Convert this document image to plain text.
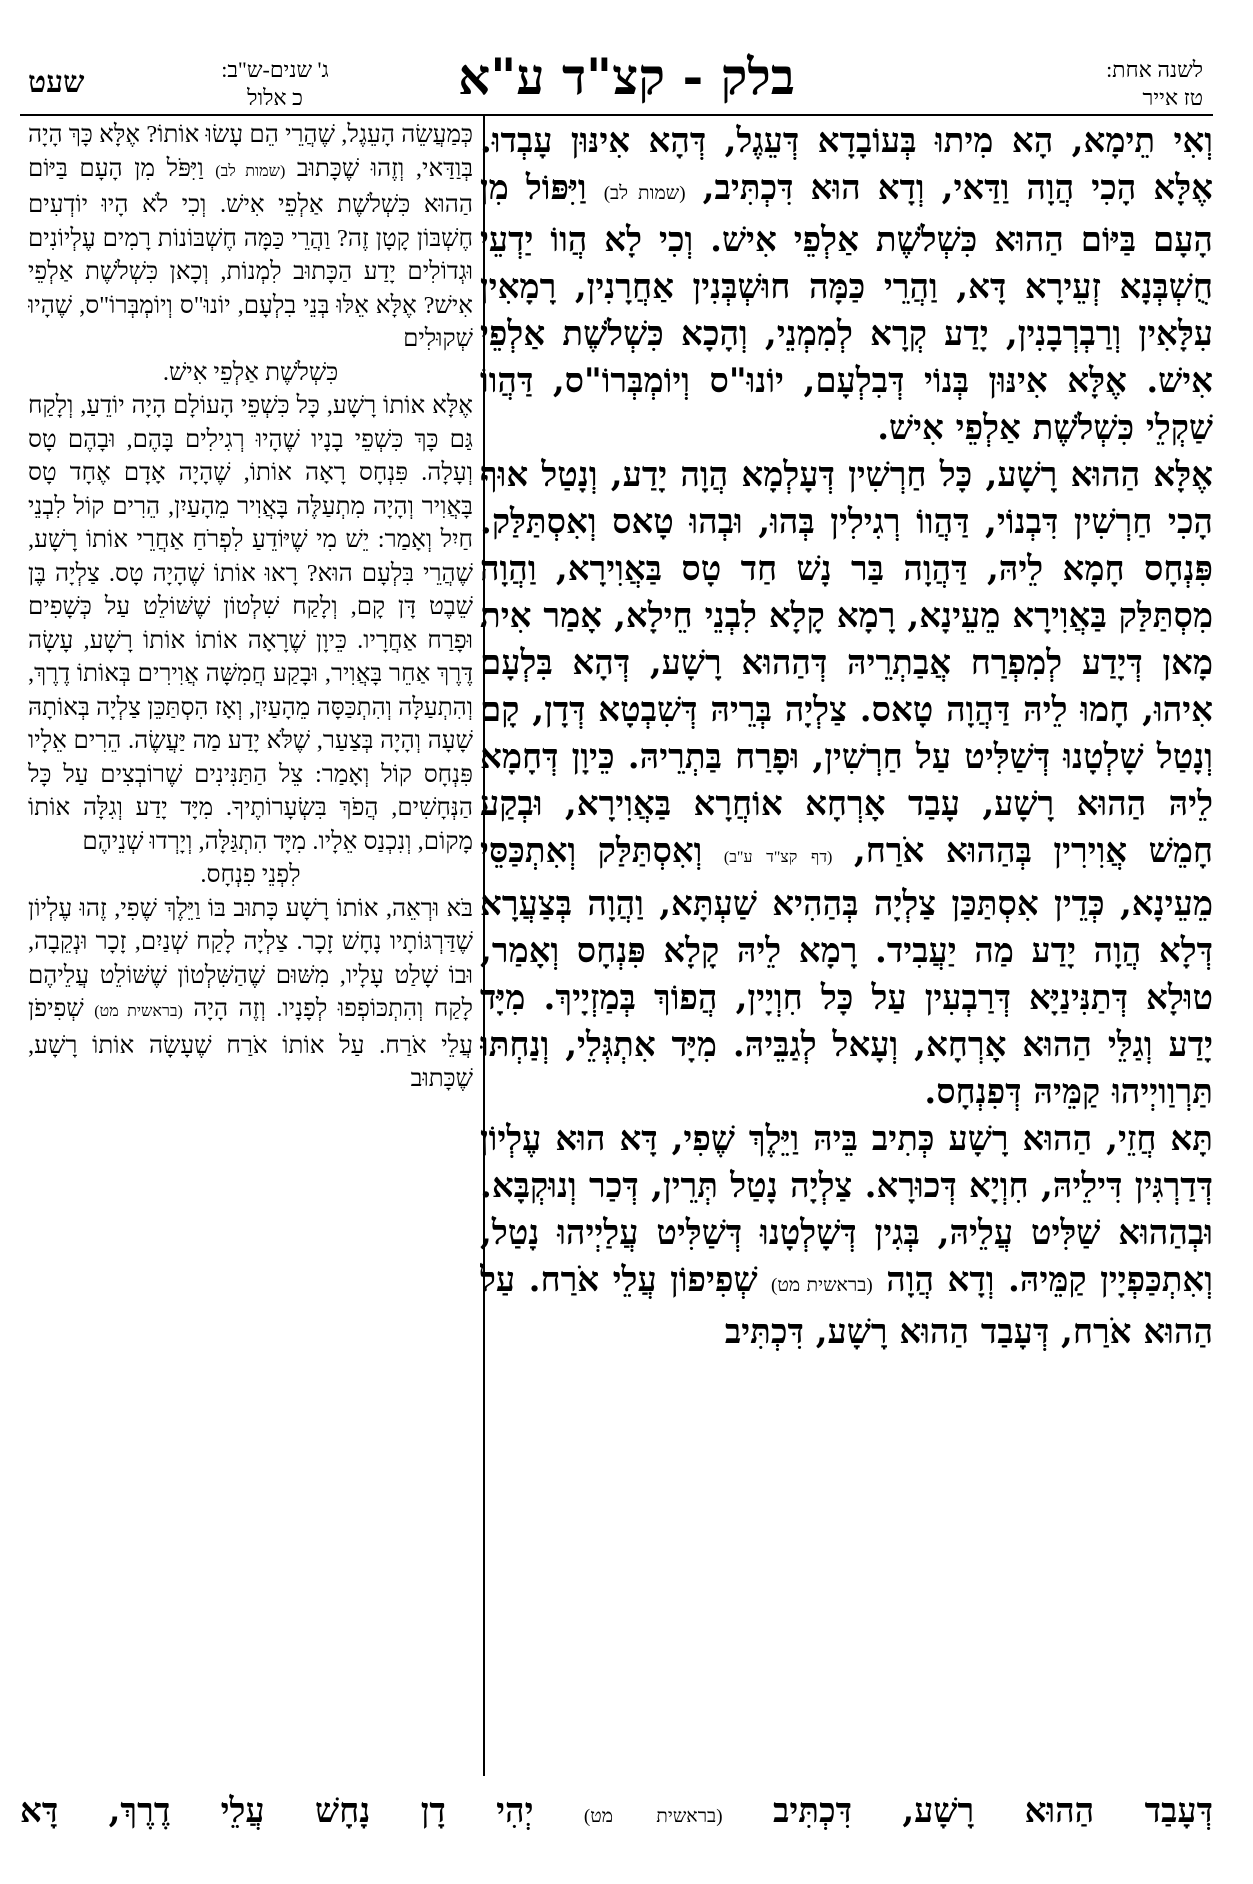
לשנה אחת:
טז אייר
בלק - קצ"ד ע"א
ג' שנים-ש"ב:
כ אלול
שעט

וְאִי תֵימָא, הָא מִיתוּ בְּעוֹבָדָא דְּעֵגֶל, דְּהָא אִינּוּן עָבְדוּ. אֶלָּא הָכִי הֲוָה וַדַּאי, וְדָא הוּא דִּכְתִּיב, (שמות לב) וַיִּפּוֹל מִן הָעָם בַּיּוֹם הַהוּא כִּשְׁלֹשֶׁת אַלְפֵי אִישׁ. וְכִי לָא הֲווֹ יַדְעֵי חֻשְׁבְּנָא זְעֵירָא דָּא, וַהֲרֵי כַּמָּה חוּשְׁבְּנִין אַחֲרָנִין, רָמָאִין עִלָּאִין וְרַבְרְבָנִין, יָדַע קְרָא לְמִמְנֵי, וְהָכָא כִּשְׁלֹשֶׁת אַלְפֵי אִישׁ. אֶלָּא אִינּוּן בְּנוֹי דְּבִלְעָם, יוֹנוּ"ס וְיוֹמְבְּרוֹ"ס, דַּהֲווֹ שַׁקְלֵי כִּשְׁלֹשֶׁת אַלְפֵי אִישׁ.

אֶלָּא הַהוּא רָשָׁע, כָּל חַרְשִׁין דְּעָלְמָא הֲוָה יָדַע, וְנָטַל אוּף הָכִי חַרְשִׁין דִּבְנוֹי, דַּהֲווֹ רְגִילִין בְּהוּ, וּבְהוּ טָאס וְאִסְתַּלַּק. פִּנְחָס חָמָא לֵיהּ, דַּהֲוָה בַּר נָשׁ חַד טָס בַּאֲוִירָא, וַהֲוָה מִסְתַּלַּק בַּאֲוִירָא מֵעֵינָא, רָמָא קָלָא לִבְנֵי חֵילָא, אָמַר אִית מָאן דְּיָדַע לְמִפְרַח אֲבַתְרֵיהּ דְּהַהוּא רָשָׁע, דְּהָא בִּלְעָם אִיהוּ, חָמוּ לֵיהּ דַּהֲוָה טָאס. צַלְיָה בְּרֵיהּ דְּשִׁבְטָא דְּדָן, קָם וְנָטַל שָׁלְטָנוּ דְּשַׁלִּיט עַל חַרְשִׁין, וּפָרַח בַּתְרֵיהּ. כֵּיוָן דְּחָמָא לֵיהּ הַהוּא רָשָׁע, עָבַד אָרְחָא אוֹחֲרָא בַּאֲוִירָא, וּבְקַע חָמֵשׁ אֲוִירִין בְּהַהוּא אֹרַח, (דף קצ"ד ע"ב) וְאִסְתַּלַּק וְאִתְכַּסֵּי מֵעֵינָא, כְּדֵין אִסְתַּכַּן צַלְיָה בְּהַהִיא שַׁעְתָּא, וַהֲוָה בְּצַעֲרָא דְּלָא הֲוָה יָדַע מַה יַעֲבִיד. רָמָא לֵיהּ קָלָא פִּנְחָס וְאָמַר, טוּלָא דְּתַנִּינַיָּא דְּרַבְעִין עַל כָּל חִוְיָין, הֲפוֹךְ בְּמַזְיָיךְ. מִיָּד יָדַע וְגַלֵּי הַהוּא אָרְחָא, וְעָאל לְגַבֵּיהּ. מִיָּד אִתְגְּלֵי, וְנַחְתּוּ תַּרְוַויְיהוּ קַמֵּיהּ דְּפִנְחָס.

תָּא חֲזֵי, הַהוּא רָשָׁע כְּתִיב בֵּיהּ וַיֵּלֶךְ שֶׁפִי, דָּא הוּא עֶלְיוֹן דְּדַרְגִּין דִּילֵיהּ, חִוְיָא דְּכוּרָא. צַלְיָה נָטַל תְּרֵין, דְּכַר וְנוּקְבָּא. וּבְהַהוּא שַׁלִּיט עֲלֵיהּ, בְּגִין דְּשָׁלְטָנוּ דְּשַׁלִּיט עֲלַיְיהוּ נָטַל, וְאִתְכַּפְיָין קַמֵּיהּ. וְדָא הֲוָה (בראשית מט) שְׁפִיפוֹן עֲלֵי אֹרַח. עַל הַהוּא אֹרַח, דְּעָבַד הַהוּא רָשָׁע, דִּכְתִּיב

כְּמַעֲשֵׂה הָעֵגֶל, שֶׁהֲרֵי הֵם עָשׂוּ אוֹתוֹ? אֶלָּא כָּךְ הָיָה בְּוַדַּאי, וְזֶהוּ שֶׁכָּתוּב (שמות לב) וַיִּפֹּל מִן הָעָם בַּיּוֹם הַהוּא כִּשְׁלֹשֶׁת אַלְפֵי אִישׁ. וְכִי לֹא הָיוּ יוֹדְעִים חֶשְׁבּוֹן קָטָן זֶה? וַהֲרֵי כַּמָּה חֶשְׁבּוֹנוֹת רָמִים עֶלְיוֹנִים וּגְדוֹלִים יָדַע הַכָּתוּב לִמְנוֹת, וְכָאן כִּשְׁלֹשֶׁת אַלְפֵי אִישׁ? אֶלָּא אֵלּוּ בְּנֵי בִלְעָם, יוֹנוּ"ס וְיוֹמְבְּרוֹ"ס, שֶׁהָיוּ שְׁקוּלִים

כִּשְׁלֹשֶׁת אַלְפֵי אִישׁ.

אֶלָּא אוֹתוֹ רָשָׁע, כָּל כִּשְׁפֵי הָעוֹלָם הָיָה יוֹדֵעַ, וְלָקַח גַּם כָּךְ כִּשְׁפֵי בָנָיו שֶׁהָיוּ רְגִילִים בָּהֶם, וּבָהֶם טָס וְעָלָה. פִּנְחָס רָאָה אוֹתוֹ, שֶׁהָיָה אָדָם אֶחָד טָס בָּאֲוִיר וְהָיָה מִתְעַלֶּה בָּאֲוִיר מֵהָעַיִן, הֵרִים קוֹל לִבְנֵי חַיִל וְאָמַר: יֵשׁ מִי שֶׁיּוֹדֵעַ לִפְרֹחַ אַחֲרֵי אוֹתוֹ רָשָׁע, שֶׁהֲרֵי בִּלְעָם הוּא? רָאוּ אוֹתוֹ שֶׁהָיָה טָס. צַלְיָה בֶּן שֵׁבֶט דָּן קָם, וְלָקַח שִׁלְטוֹן שֶׁשּׁוֹלֵט עַל כְּשָׁפִים וּפָרַח אַחֲרָיו. כֵּיוָן שֶׁרָאָה אוֹתוֹ אוֹתוֹ רָשָׁע, עָשָׂה דֶּרֶךְ אַחֵר בָּאֲוִיר, וּבָקַע חֲמִשָּׁה אֲוִירִים בְּאוֹתוֹ דֶרֶךְ, וְהִתְעַלָּה וְהִתְכַּסָּה מֵהָעַיִן, וְאָז הִסְתַּכֵּן צַלְיָה בְּאוֹתָהּ שָׁעָה וְהָיָה בְּצַעַר, שֶׁלֹּא יָדַע מַה יַּעֲשֶׂה. הֵרִים אֵלָיו פִּנְחָס קוֹל וְאָמַר: צֵל הַתַּנִּינִים שֶׁרוֹבְצִים עַל כָּל הַנְּחָשִׁים, הֲפֹךְ בִּשְׂעָרוֹתֶיךָ. מִיָּד יָדַע וְגִלָּה אוֹתוֹ מָקוֹם, וְנִכְנַס אֵלָיו. מִיָּד הִתְגַּלָּה, וְיָרְדוּ שְׁנֵיהֶם

לִפְנֵי פִנְחָס.

בֹּא וּרְאֵה, אוֹתוֹ רָשָׁע כָּתוּב בּוֹ וַיֵּלֶךְ שֶׁפִי, זֶהוּ עֶלְיוֹן שֶׁדַּרְגּוֹתָיו נָחָשׁ זָכָר. צַלְיָה לָקַח שְׁנַיִם, זָכָר וּנְקֵבָה, וּבוֹ שָׁלַט עָלָיו, מִשּׁוּם שֶׁהַשִּׁלְטוֹן שֶׁשּׁוֹלֵט עֲלֵיהֶם לָקַח וְהִתְכּוֹפְפוּ לְפָנָיו. וְזֶה הָיָה (בראשית מט) שְׁפִיפֹן עֲלֵי אֹרַח. עַל אוֹתוֹ אֹרַח שֶׁעָשָׂה אוֹתוֹ רָשָׁע, שֶׁכָּתוּב

דְּעָבַד הַהוּא רָשָׁע, דִּכְתִּיב (בראשית מט) יְהִי דָן נָחָשׁ עֲלֵי דֶרֶךְ, דָּא
